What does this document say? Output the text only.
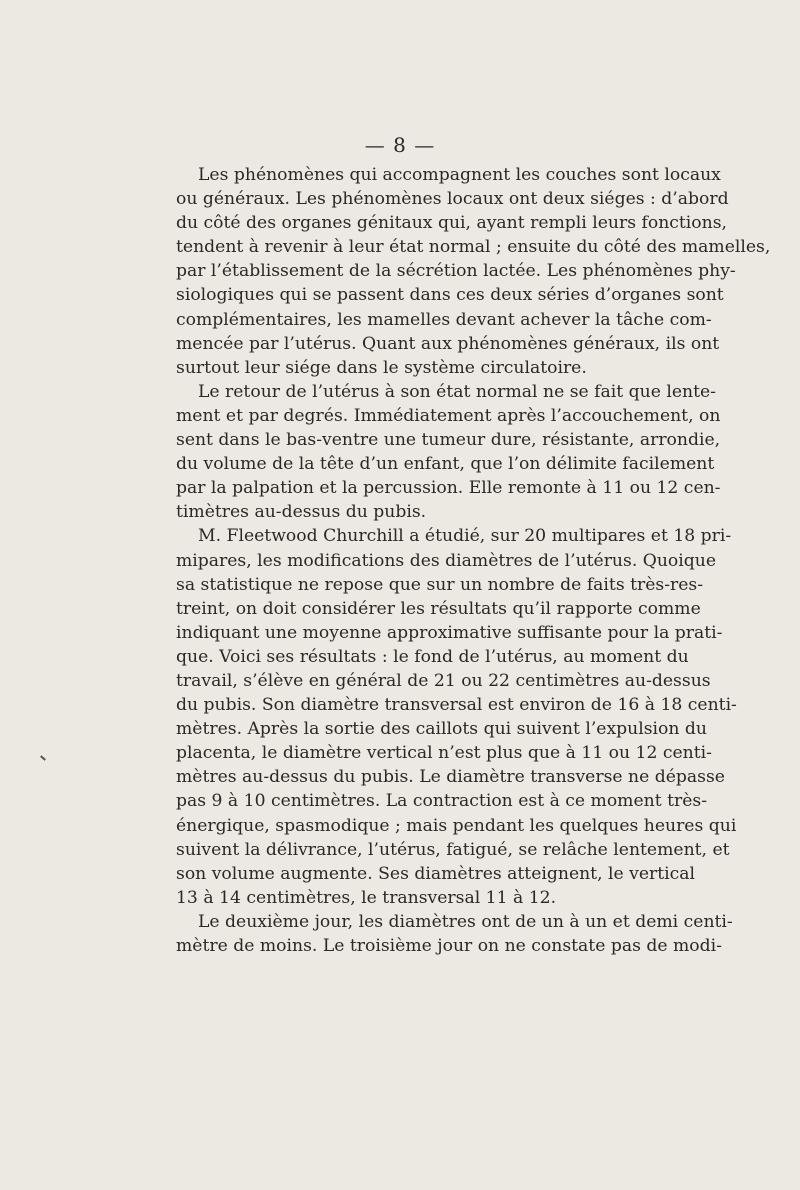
— 8 —

Les phénomènes qui accompagnent les couches sont locaux
ou généraux. Les phénomènes locaux ont deux siéges : d’abord
du côté des organes génitaux qui, ayant rempli leurs fonctions,
tendent à revenir à leur état normal ; ensuite du côté des mamelles,
par l’établissement de la sécrétion lactée. Les phénomènes phy-
siologiques qui se passent dans ces deux séries d’organes sont
complémentaires, les mamelles devant achever la tâche com-
mencée par l’utérus. Quant aux phénomènes généraux, ils ont
surtout leur siége dans le système circulatoire.

Le retour de l’utérus à son état normal ne se fait que lente-
ment et par degrés. Immédiatement après l’accouchement, on
sent dans le bas-ventre une tumeur dure, résistante, arrondie,
du volume de la tête d’un enfant, que l’on délimite facilement
par la palpation et la percussion. Elle remonte à 11 ou 12 cen-
timètres au-dessus du pubis.

M. Fleetwood Churchill a étudié, sur 20 multipares et 18 pri-
mipares, les modifications des diamètres de l’utérus. Quoique
sa statistique ne repose que sur un nombre de faits très-res-
treint, on doit considérer les résultats qu’il rapporte comme
indiquant une moyenne approximative suffisante pour la prati-
que. Voici ses résultats : le fond de l’utérus, au moment du
travail, s’élève en général de 21 ou 22 centimètres au-dessus
du pubis. Son diamètre transversal est environ de 16 à 18 centi-
mètres. Après la sortie des caillots qui suivent l’expulsion du
placenta, le diamètre vertical n’est plus que à 11 ou 12 centi-
mètres au-dessus du pubis. Le diamètre transverse ne dépasse
pas 9 à 10 centimètres. La contraction est à ce moment très-
énergique, spasmodique ; mais pendant les quelques heures qui
suivent la délivrance, l’utérus, fatigué, se relâche lentement, et
son volume augmente. Ses diamètres atteignent, le vertical
13 à 14 centimètres, le transversal 11 à 12.

Le deuxième jour, les diamètres ont de un à un et demi centi-
mètre de moins. Le troisième jour on ne constate pas de modi-
